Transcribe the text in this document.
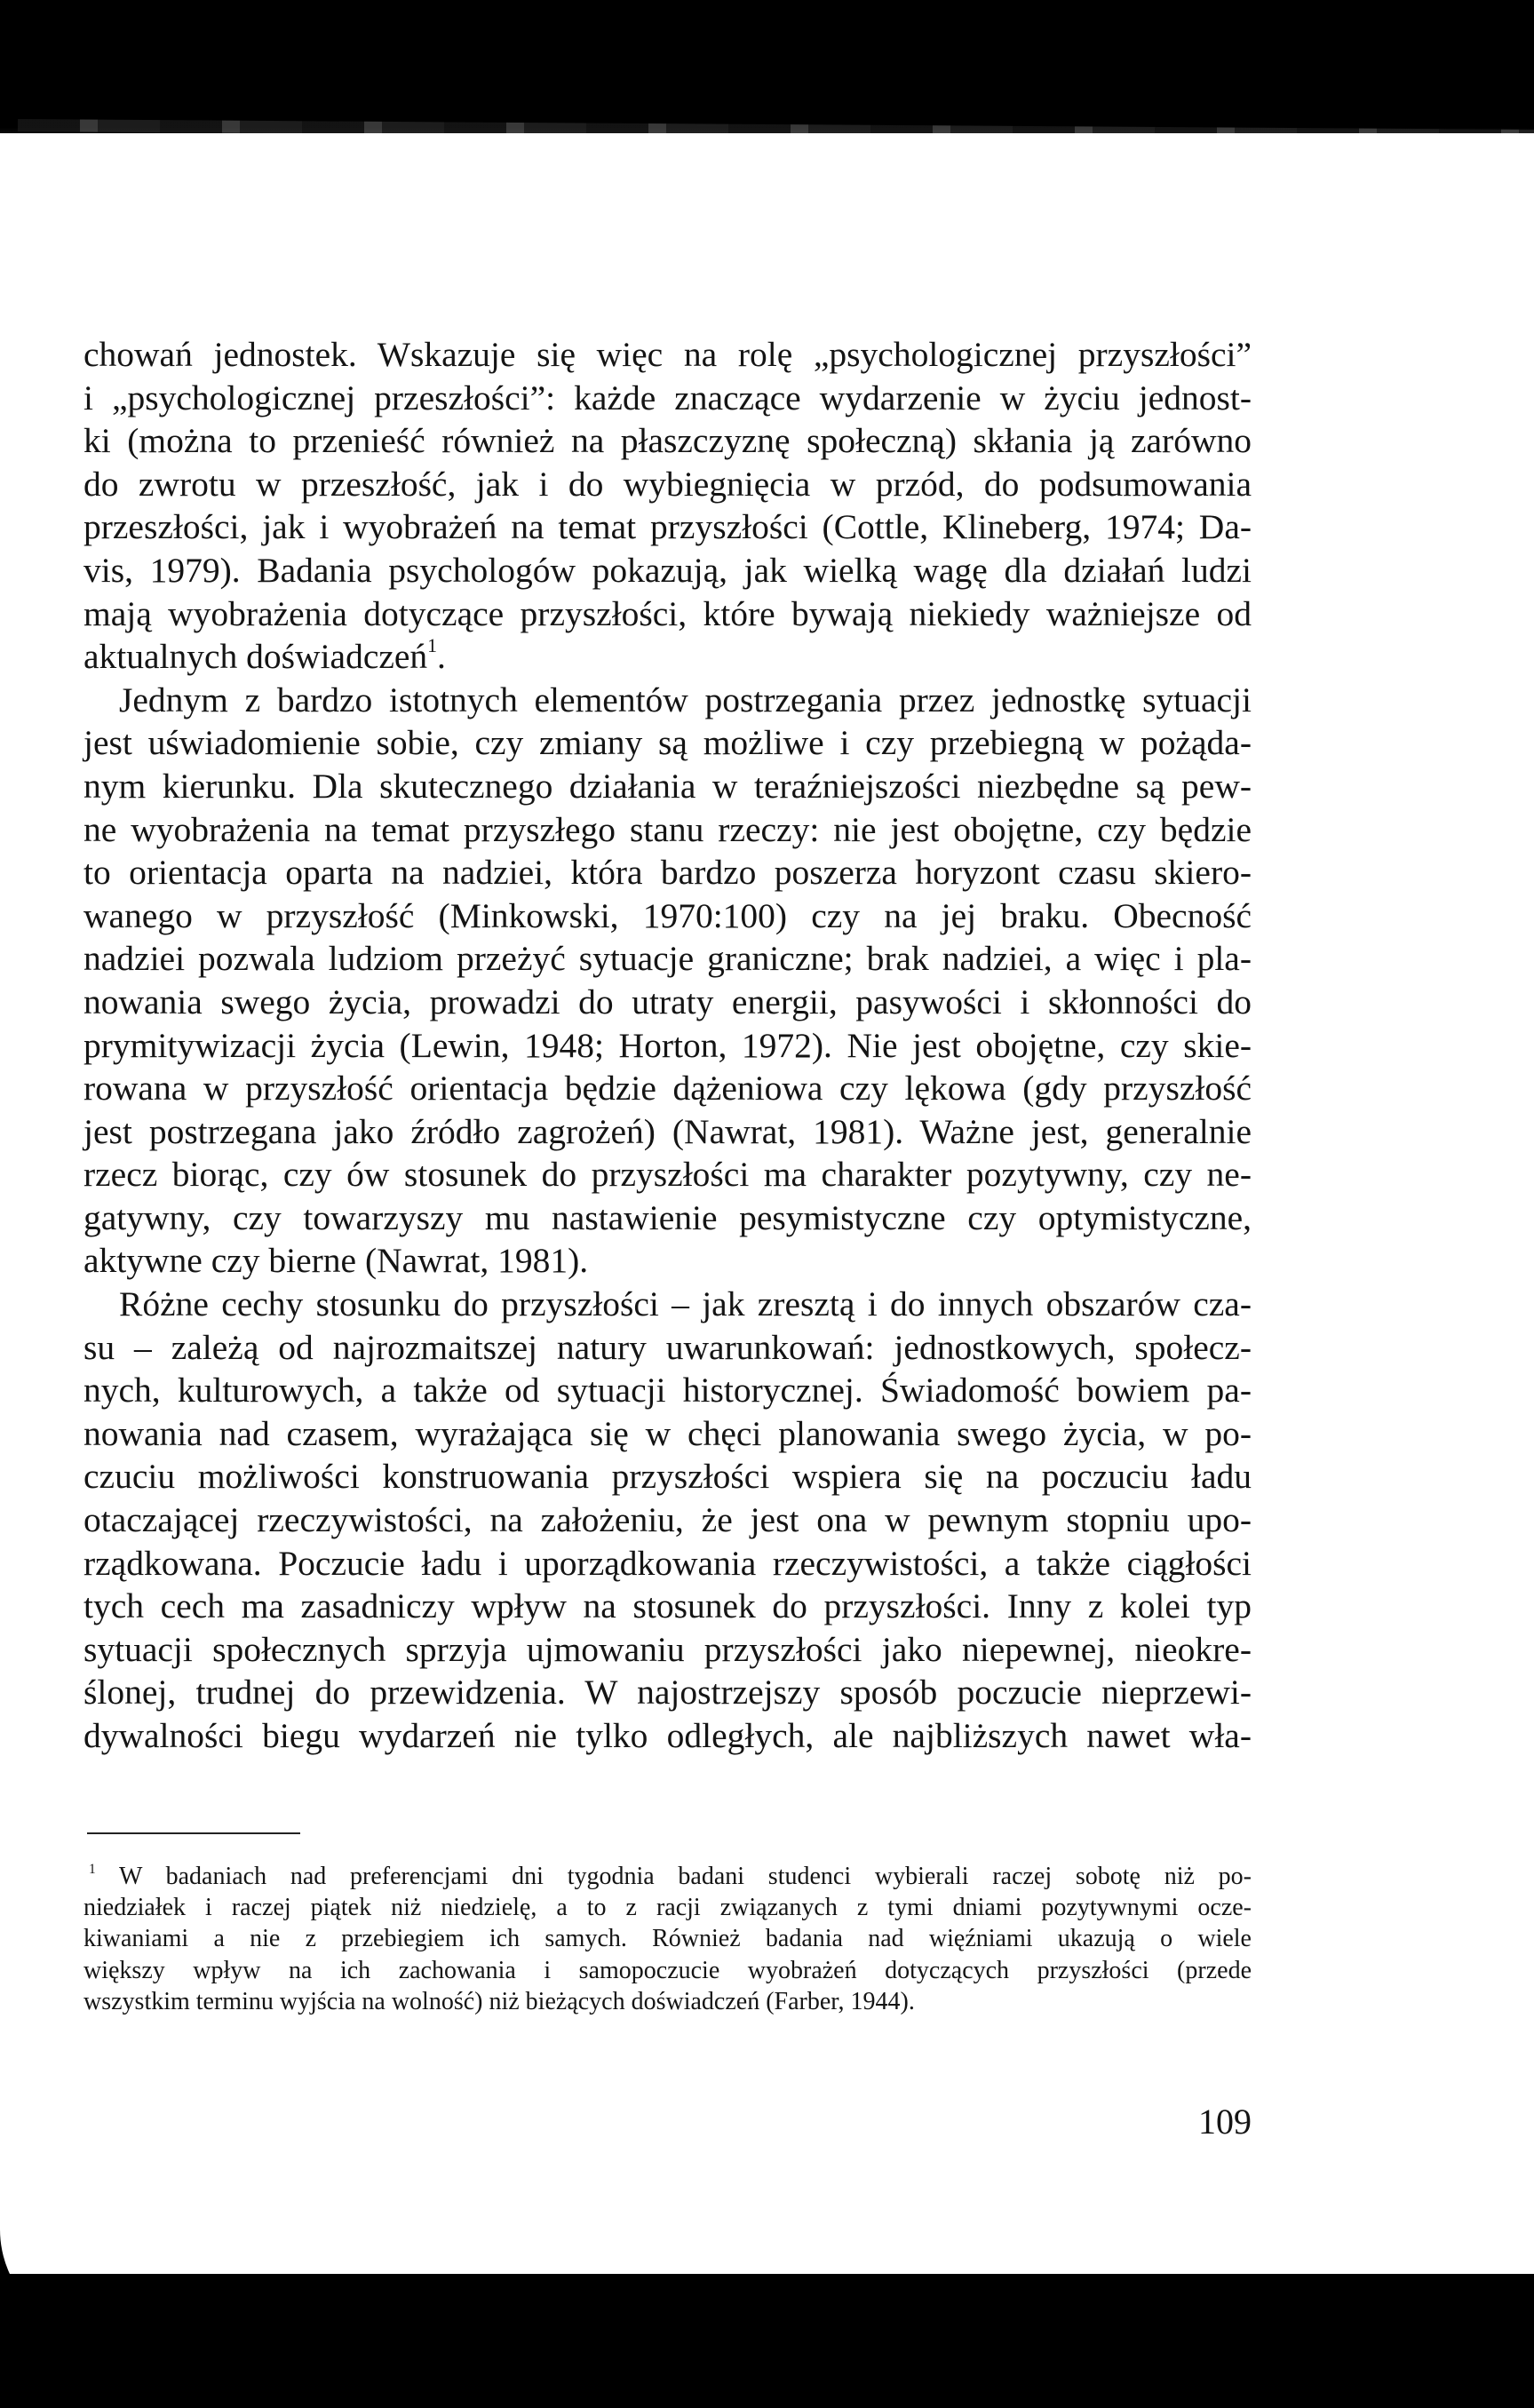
chowań jednostek. Wskazuje się więc na rolę „psychologicznej przyszłości”
i „psychologicznej przeszłości”: każde znaczące wydarzenie w życiu jednost-
ki (można to przenieść również na płaszczyznę społeczną) skłania ją zarówno
do zwrotu w przeszłość, jak i do wybiegnięcia w przód, do podsumowania
przeszłości, jak i wyobrażeń na temat przyszłości (Cottle, Klineberg, 1974; Da-
vis, 1979). Badania psychologów pokazują, jak wielką wagę dla działań ludzi
mają wyobrażenia dotyczące przyszłości, które bywają niekiedy ważniejsze od
aktualnych doświadczeń$^1$.
Jednym z bardzo istotnych elementów postrzegania przez jednostkę sytuacji
jest uświadomienie sobie, czy zmiany są możliwe i czy przebiegną w pożąda-
nym kierunku. Dla skutecznego działania w teraźniejszości niezbędne są pew-
ne wyobrażenia na temat przyszłego stanu rzeczy: nie jest obojętne, czy będzie
to orientacja oparta na nadziei, która bardzo poszerza horyzont czasu skiero-
wanego w przyszłość (Minkowski, 1970:100) czy na jej braku. Obecność
nadziei pozwala ludziom przeżyć sytuacje graniczne; brak nadziei, a więc i pla-
nowania swego życia, prowadzi do utraty energii, pasywości i skłonności do
prymitywizacji życia (Lewin, 1948; Horton, 1972). Nie jest obojętne, czy skie-
rowana w przyszłość orientacja będzie dążeniowa czy lękowa (gdy przyszłość
jest postrzegana jako źródło zagrożeń) (Nawrat, 1981). Ważne jest, generalnie
rzecz biorąc, czy ów stosunek do przyszłości ma charakter pozytywny, czy ne-
gatywny, czy towarzyszy mu nastawienie pesymistyczne czy optymistyczne,
aktywne czy bierne (Nawrat, 1981).
Różne cechy stosunku do przyszłości – jak zresztą i do innych obszarów cza-
su – zależą od najrozmaitszej natury uwarunkowań: jednostkowych, społecz-
nych, kulturowych, a także od sytuacji historycznej. Świadomość bowiem pa-
nowania nad czasem, wyrażająca się w chęci planowania swego życia, w po-
czuciu możliwości konstruowania przyszłości wspiera się na poczuciu ładu
otaczającej rzeczywistości, na założeniu, że jest ona w pewnym stopniu upo-
rządkowana. Poczucie ładu i uporządkowania rzeczywistości, a także ciągłości
tych cech ma zasadniczy wpływ na stosunek do przyszłości. Inny z kolei typ
sytuacji społecznych sprzyja ujmowaniu przyszłości jako niepewnej, nieokre-
ślonej, trudnej do przewidzenia. W najostrzejszy sposób poczucie nieprzewi-
dywalności biegu wydarzeń nie tylko odległych, ale najbliższych nawet wła-
$^1$ W badaniach nad preferencjami dni tygodnia badani studenci wybierali raczej sobotę niż po-
niedziałek i raczej piątek niż niedzielę, a to z racji związanych z tymi dniami pozytywnymi ocze-
kiwaniami a nie z przebiegiem ich samych. Również badania nad więźniami ukazują o wiele
większy wpływ na ich zachowania i samopoczucie wyobrażeń dotyczących przyszłości (przede
wszystkim terminu wyjścia na wolność) niż bieżących doświadczeń (Farber, 1944).
109
